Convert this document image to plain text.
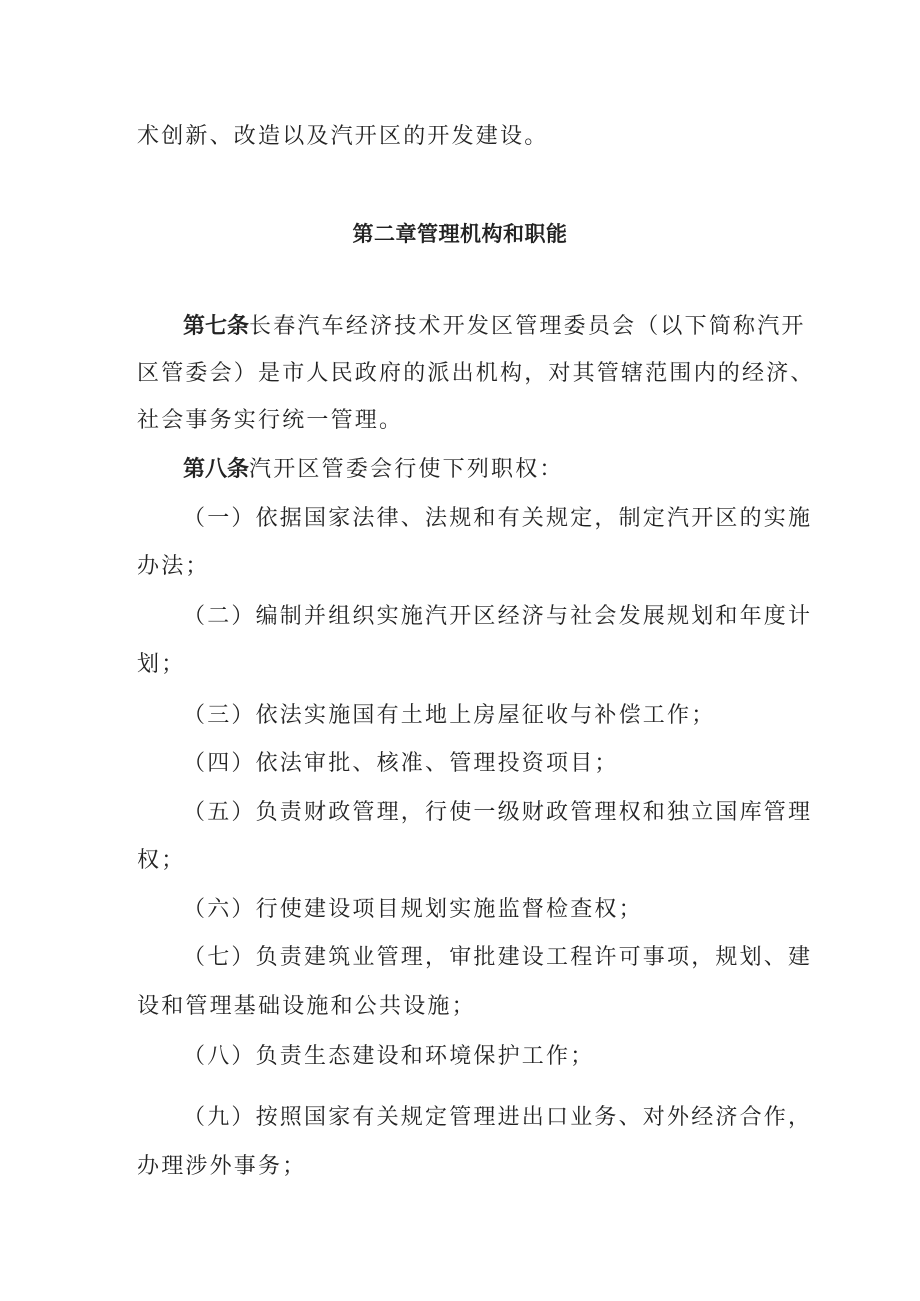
术创新、改造以及汽开区的开发建设。
第二章管理机构和职能
第七条长春汽车经济技术开发区管理委员会（以下简称汽开
区管委会）是市人民政府的派出机构，对其管辖范围内的经济、
社会事务实行统一管理。
第八条汽开区管委会行使下列职权：
（一）依据国家法律、法规和有关规定，制定汽开区的实施
办法；
（二）编制并组织实施汽开区经济与社会发展规划和年度计
划；
（三）依法实施国有土地上房屋征收与补偿工作；
（四）依法审批、核准、管理投资项目；
（五）负责财政管理，行使一级财政管理权和独立国库管理
权；
（六）行使建设项目规划实施监督检查权；
（七）负责建筑业管理，审批建设工程许可事项，规划、建
设和管理基础设施和公共设施；
（八）负责生态建设和环境保护工作；
（九）按照国家有关规定管理进出口业务、对外经济合作，
办理涉外事务；
